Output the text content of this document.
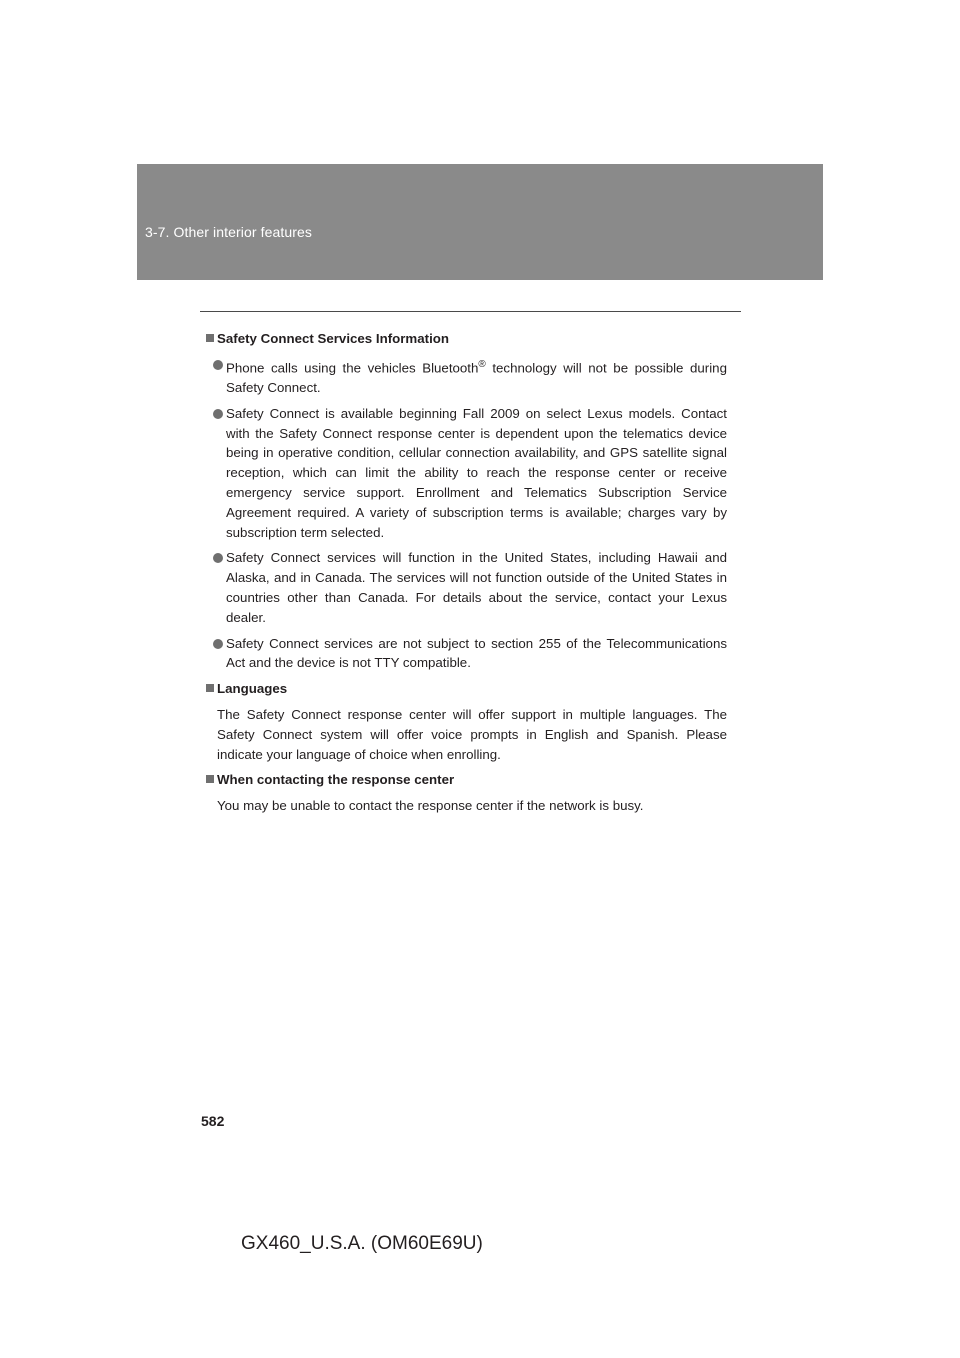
3-7. Other interior features
Safety Connect Services Information
Phone calls using the vehicles Bluetooth® technology will not be possible during Safety Connect.
Safety Connect is available beginning Fall 2009 on select Lexus models. Contact with the Safety Connect response center is dependent upon the telematics device being in operative condition, cellular connection availability, and GPS satellite signal reception, which can limit the ability to reach the response center or receive emergency service support. Enrollment and Telematics Subscription Service Agreement required. A variety of subscription terms is available; charges vary by subscription term selected.
Safety Connect services will function in the United States, including Hawaii and Alaska, and in Canada. The services will not function outside of the United States in countries other than Canada. For details about the service, contact your Lexus dealer.
Safety Connect services are not subject to section 255 of the Telecommunications Act and the device is not TTY compatible.
Languages
The Safety Connect response center will offer support in multiple languages. The Safety Connect system will offer voice prompts in English and Spanish. Please indicate your language of choice when enrolling.
When contacting the response center
You may be unable to contact the response center if the network is busy.
582
GX460_U.S.A. (OM60E69U)
